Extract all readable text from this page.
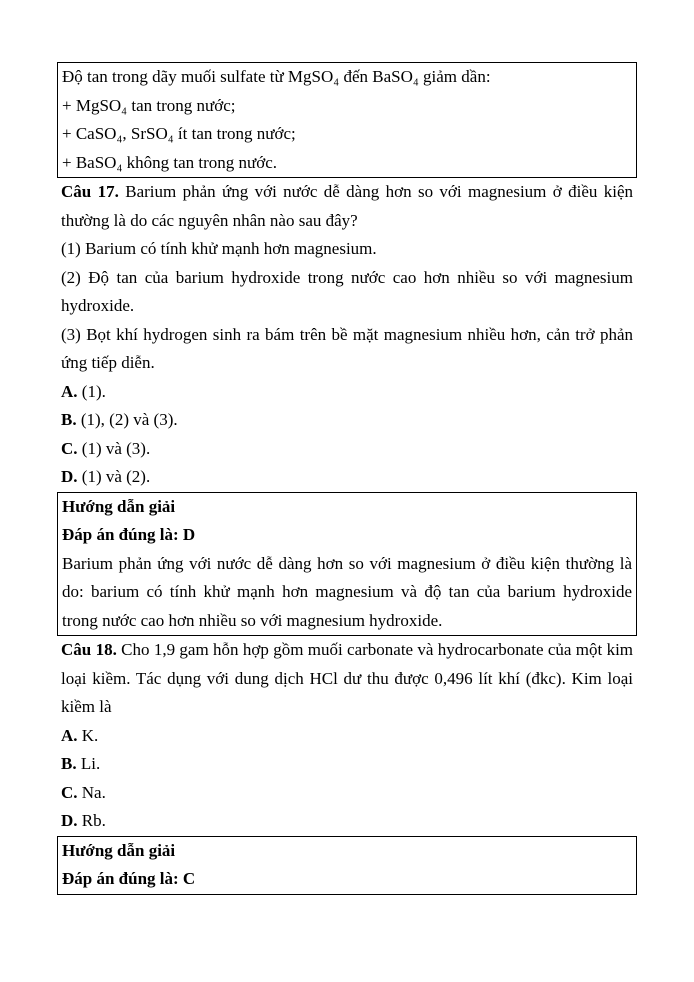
Độ tan trong dãy muối sulfate từ MgSO₄ đến BaSO₄ giảm dần:

+ MgSO₄ tan trong nước;

+ CaSO₄, SrSO₄ ít tan trong nước;

+ BaSO₄ không tan trong nước.

Câu 17. Barium phản ứng với nước dễ dàng hơn so với magnesium ở điều kiện thường là do các nguyên nhân nào sau đây?

(1) Barium có tính khử mạnh hơn magnesium.

(2) Độ tan của barium hydroxide trong nước cao hơn nhiều so với magnesium hydroxide.

(3) Bọt khí hydrogen sinh ra bám trên bề mặt magnesium nhiều hơn, cản trở phản ứng tiếp diễn.

A. (1).

B. (1), (2) và (3).

C. (1) và (3).

D. (1) và (2).

Hướng dẫn giải

Đáp án đúng là: D

Barium phản ứng với nước dễ dàng hơn so với magnesium ở điều kiện thường là do: barium có tính khử mạnh hơn magnesium và độ tan của barium hydroxide trong nước cao hơn nhiều so với magnesium hydroxide.

Câu 18. Cho 1,9 gam hỗn hợp gồm muối carbonate và hydrocarbonate của một kim loại kiềm. Tác dụng với dung dịch HCl dư thu được 0,496 lít khí (đkc). Kim loại kiềm là

A. K.

B. Li.

C. Na.

D. Rb.

Hướng dẫn giải

Đáp án đúng là: C
